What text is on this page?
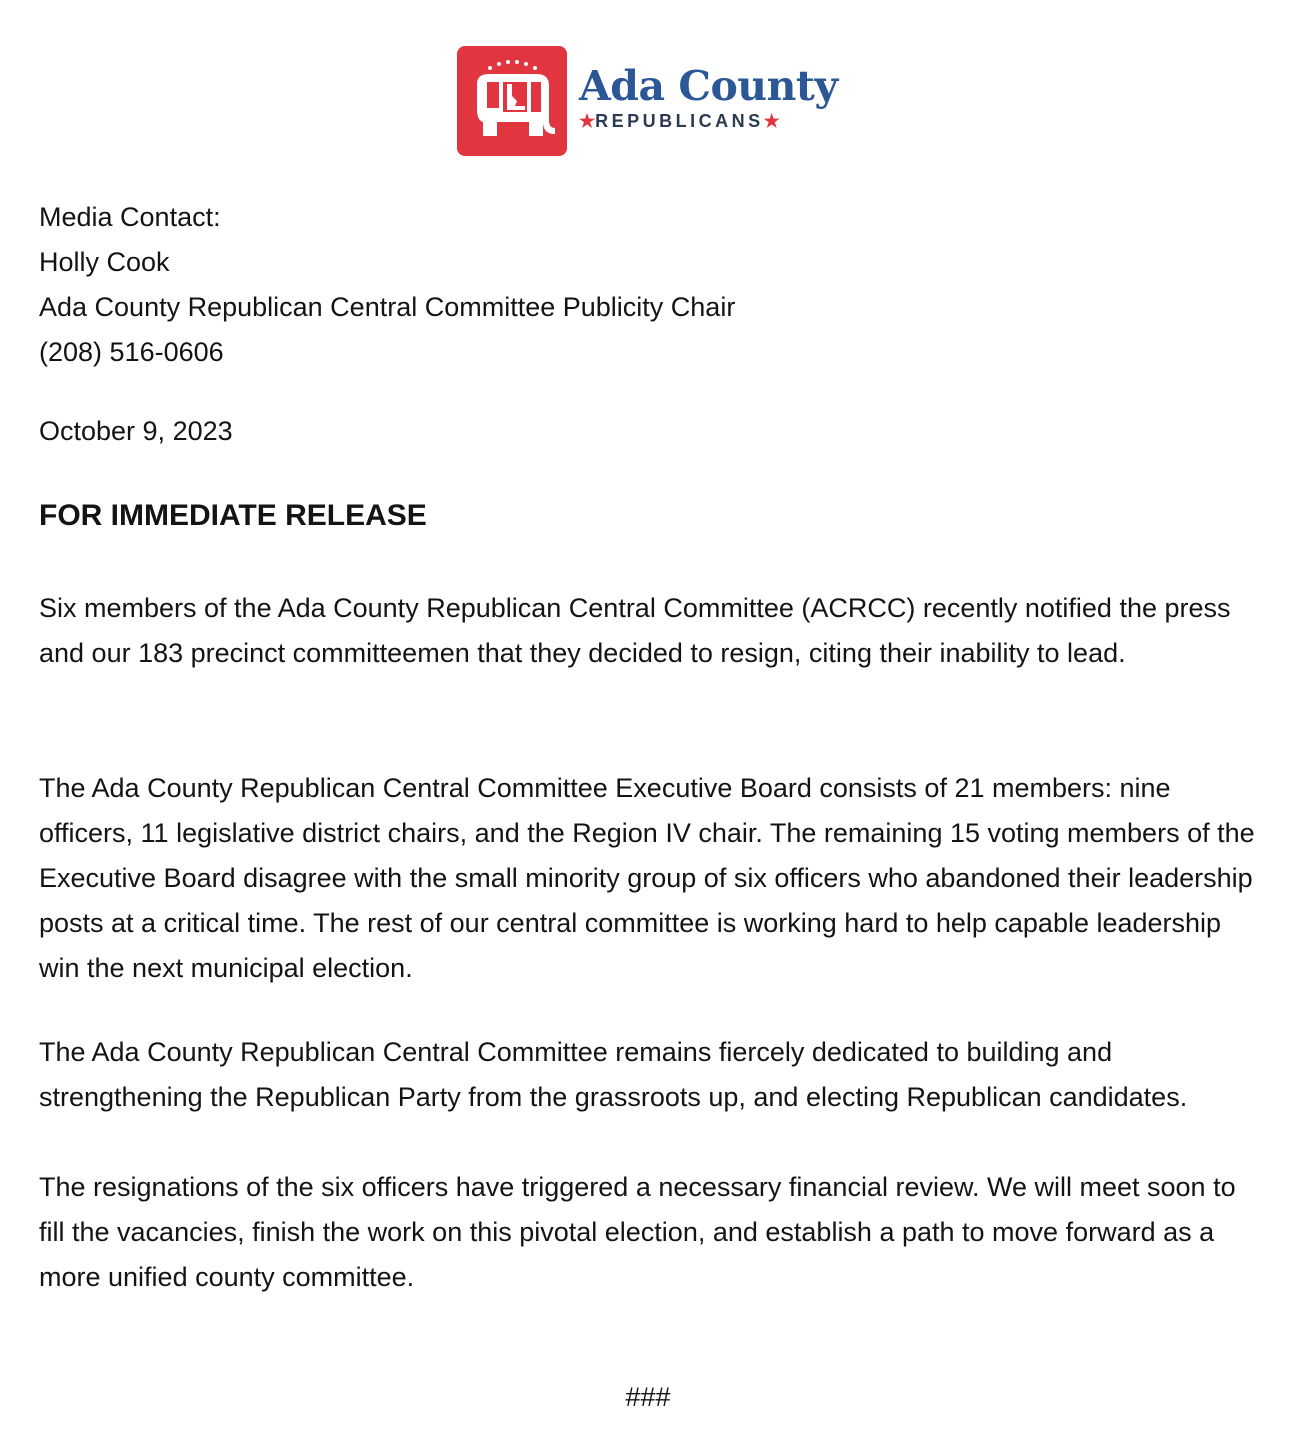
Ada County
★REPUBLICANS★
Media Contact:
Holly Cook
Ada County Republican Central Committee Publicity Chair
(208) 516-0606
October 9, 2023
FOR IMMEDIATE RELEASE

Six members of the Ada County Republican Central Committee (ACRCC) recently notified the press and our 183 precinct committeemen that they decided to resign, citing their inability to lead.

The Ada County Republican Central Committee Executive Board consists of 21 members: nine officers, 11 legislative district chairs, and the Region IV chair. The remaining 15 voting members of the Executive Board disagree with the small minority group of six officers who abandoned their leadership posts at a critical time. The rest of our central committee is working hard to help capable leadership win the next municipal election.

The Ada County Republican Central Committee remains fiercely dedicated to building and strengthening the Republican Party from the grassroots up, and electing Republican candidates.

The resignations of the six officers have triggered a necessary financial review. We will meet soon to fill the vacancies, finish the work on this pivotal election, and establish a path to move forward as a more unified county committee.

###
